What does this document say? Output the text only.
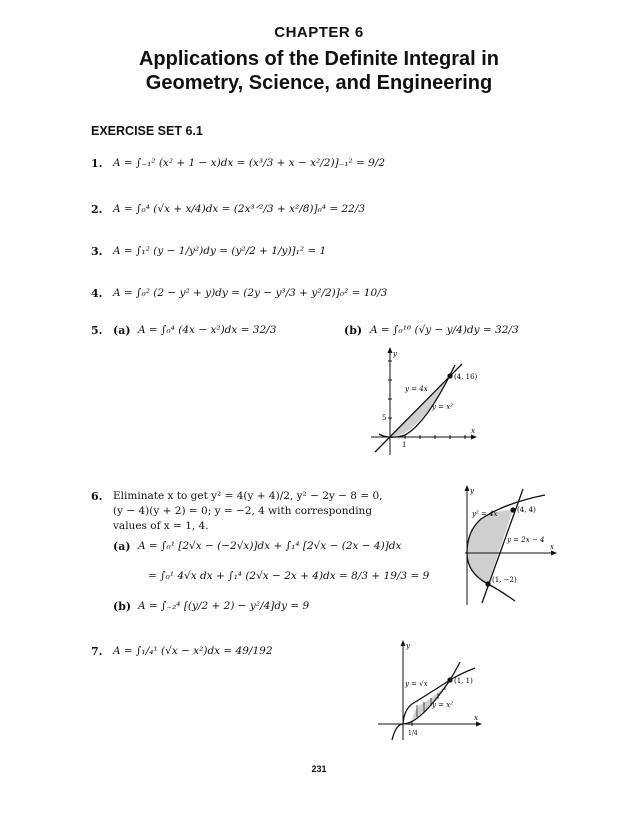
CHAPTER 6
Applications of the Definite Integral in
Geometry, Science, and Engineering
EXERCISE SET 6.1
1. A = ∫₋₁² (x² + 1 − x)dx = (x³/3 + x − x²/2)]₋₁² = 9/2
2. A = ∫₀⁴ (√x + x/4)dx = (2x³ᐟ²/3 + x²/8)]₀⁴ = 22/3
3. A = ∫₁² (y − 1/y²)dy = (y²/2 + 1/y)]₁² = 1
4. A = ∫₀² (2 − y² + y)dy = (2y − y³/3 + y²/2)]₀² = 10/3
5. (a) A = ∫₀⁴ (4x − x²)dx = 32/3	(b) A = ∫₀¹⁶ (√y − y/4)dy = 32/3
y
x
(4, 16)
y = 4x
y = x²
5
1
6. Eliminate x to get y² = 4(y + 4)/2, y² − 2y − 8 = 0,
(y − 4)(y + 2) = 0; y = −2, 4 with corresponding
values of x = 1, 4.
(a) A = ∫₀¹ [2√x − (−2√x)]dx + ∫₁⁴ [2√x − (2x − 4)]dx
= ∫₀¹ 4√x dx + ∫₁⁴ (2√x − 2x + 4)dx = 8/3 + 19/3 = 9
(b) A = ∫₋₂⁴ [(y/2 + 2) − y²/4]dy = 9
y
x
y² = 4x
y = 2x − 4
(4, 4)
(1, −2)
7. A = ∫₁/₄¹ (√x − x²)dx = 49/192	y
x
y = √x
y = x²
(1, 1)
1/4
231
